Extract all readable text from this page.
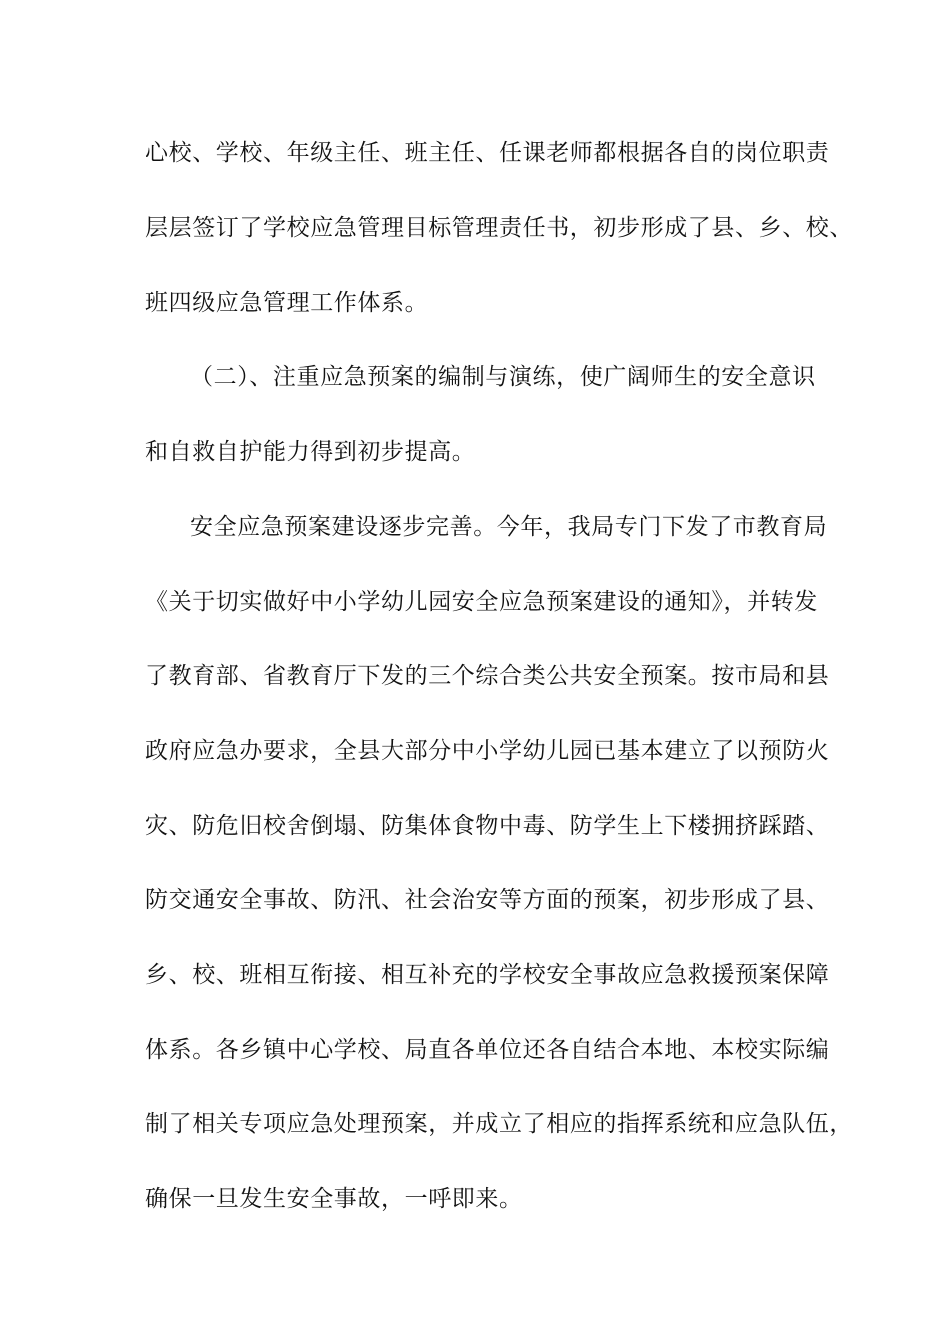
心校、学校、年级主任、班主任、任课老师都根据各自的岗位职责
层层签订了学校应急管理目标管理责任书，初步形成了县、乡、校、
班四级应急管理工作体系。
（二）、注重应急预案的编制与演练，使广阔师生的安全意识
和自救自护能力得到初步提高。
安全应急预案建设逐步完善。今年，我局专门下发了市教育局
《关于切实做好中小学幼儿园安全应急预案建设的通知》，并转发
了教育部、省教育厅下发的三个综合类公共安全预案。按市局和县
政府应急办要求，全县大部分中小学幼儿园已基本建立了以预防火
灾、防危旧校舍倒塌、防集体食物中毒、防学生上下楼拥挤踩踏、
防交通安全事故、防汛、社会治安等方面的预案，初步形成了县、
乡、校、班相互衔接、相互补充的学校安全事故应急救援预案保障
体系。各乡镇中心学校、局直各单位还各自结合本地、本校实际编
制了相关专项应急处理预案，并成立了相应的指挥系统和应急队伍，
确保一旦发生安全事故，一呼即来。
